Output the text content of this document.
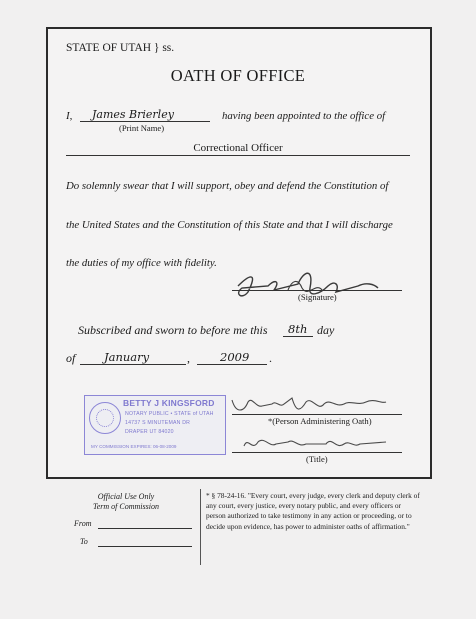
STATE OF UTAH } ss.
OATH OF OFFICE
I, James Brierley
(Print Name)
having been appointed to the office of
Correctional Officer
Do solemnly swear that I will support, obey and defend the Constitution of
the United States and the Constitution of this State and that I will discharge
the duties of my office with fidelity.
(Signature)
Subscribed and sworn to before me this 8th day
of January	,	2009 .
BETTY J KINGSFORD
NOTARY PUBLIC • STATE of UTAH
14737 S MINUTEMAN DR
DRAPER UT 84020
MY COMMISSION EXPIRES: 06-08-2009
*(Person Administering Oath)
(Title)
Official Use Only
Term of Commission
From
To
* § 78-24-16. "Every court, every judge, every clerk and deputy clerk of any court, every justice, every notary public, and every officers or person authorized to take testimony in any action or proceeding, or to decide upon evidence, has power to administer oaths of affirmation."
